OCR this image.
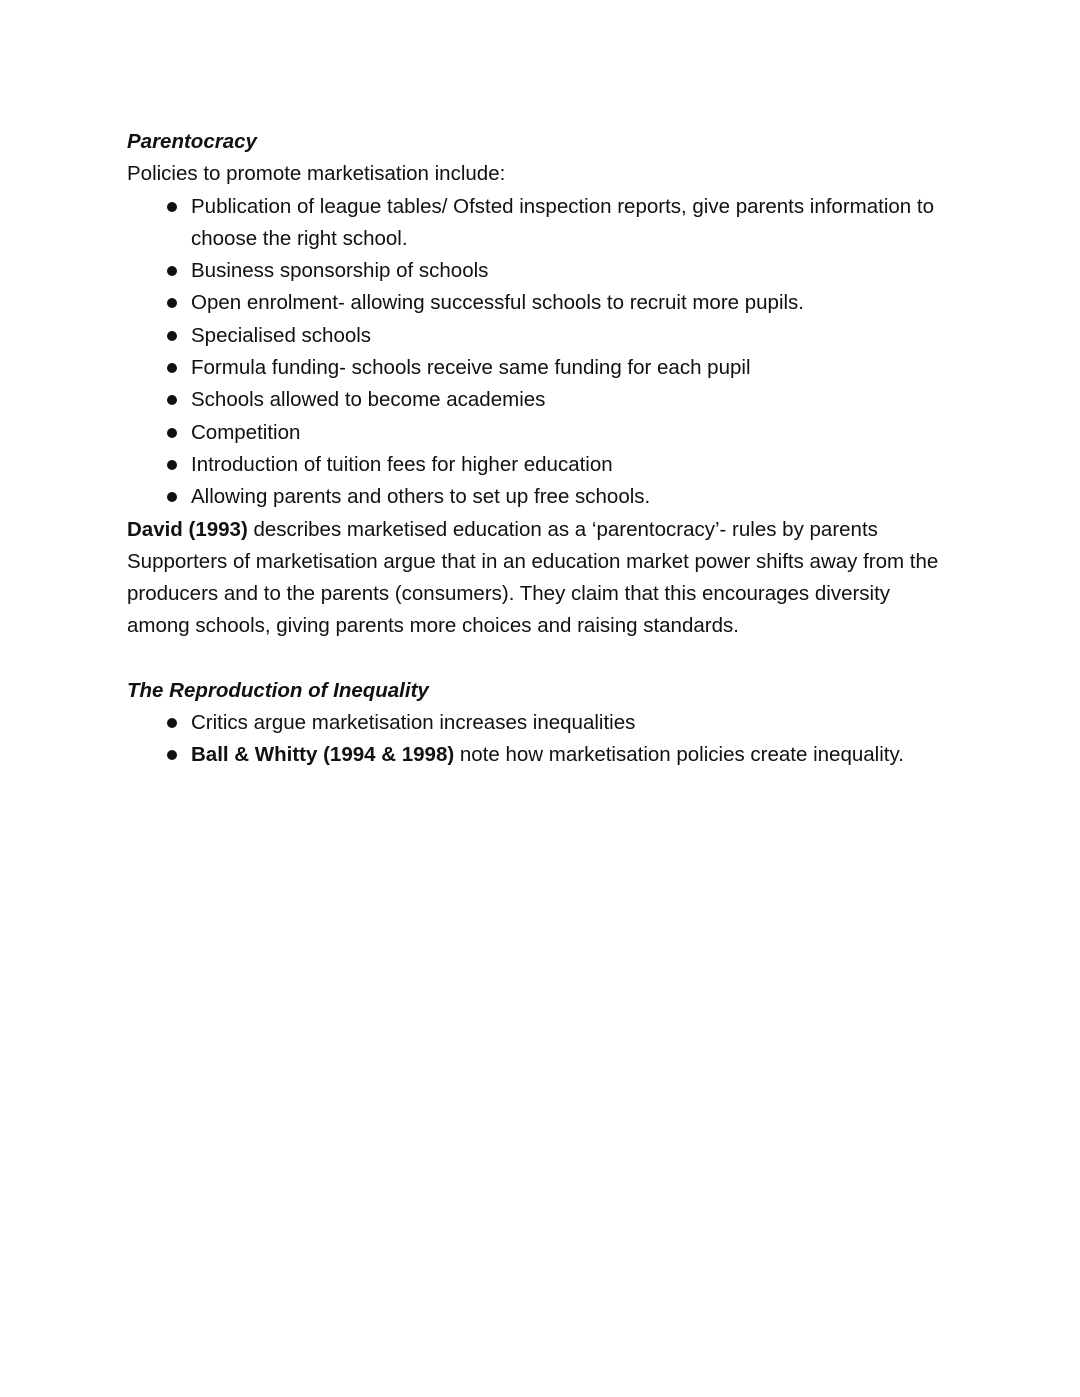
Parentocracy

Policies to promote marketisation include:

Publication of league tables/ Ofsted inspection reports, give parents information to choose the right school.
Business sponsorship of schools
Open enrolment- allowing successful schools to recruit more pupils.
Specialised schools
Formula funding- schools receive same funding for each pupil
Schools allowed to become academies
Competition
Introduction of tuition fees for higher education
Allowing parents and others to set up free schools.

David (1993) describes marketised education as a ‘parentocracy’- rules by parents

Supporters of marketisation argue that in an education market power shifts away from the producers and to the parents (consumers). They claim that this encourages diversity among schools, giving parents more choices and raising standards.

The Reproduction of Inequality

Critics argue marketisation increases inequalities
Ball & Whitty (1994 & 1998) note how marketisation policies create inequality.
